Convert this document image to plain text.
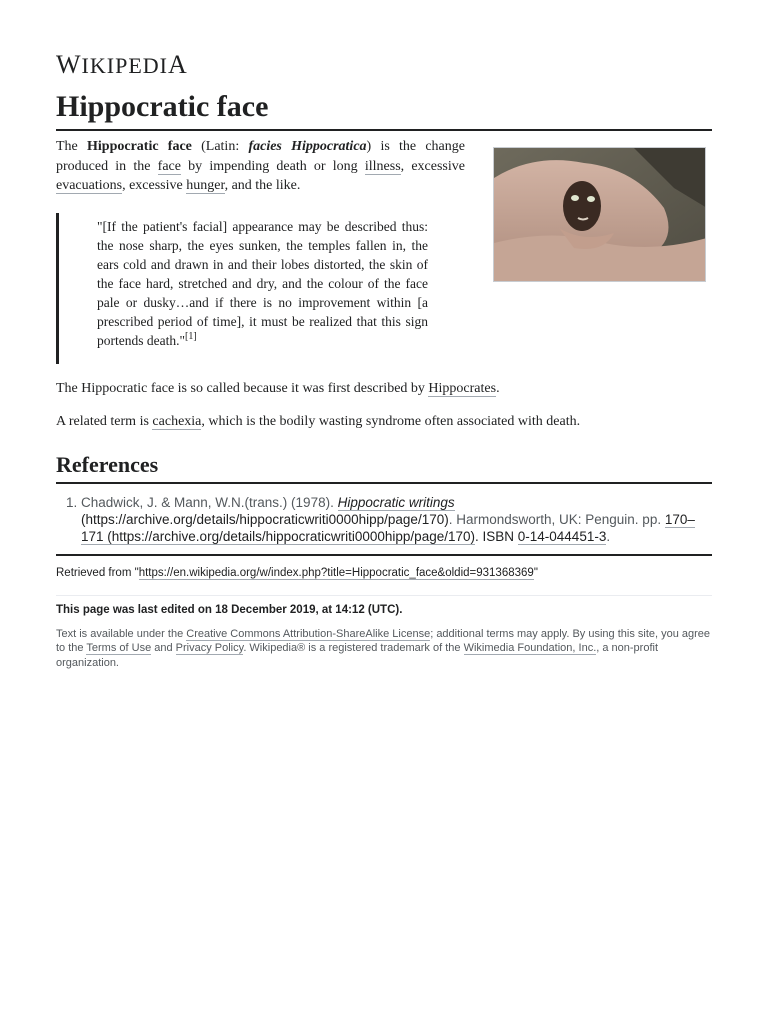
WIKIPEDIA
Hippocratic face

The Hippocratic face (Latin: facies Hippocratica) is the change produced in the face by impending death or long illness, excessive evacuations, excessive hunger, and the like.

"[If the patient's facial] appearance may be described thus: the nose sharp, the eyes sunken, the temples fallen in, the ears cold and drawn in and their lobes distorted, the skin of the face hard, stretched and dry, and the colour of the face pale or dusky…and if there is no improvement within [a prescribed period of time], it must be realized that this sign portends death."[1]

The Hippocratic face is so called because it was first described by Hippocrates.

A related term is cachexia, which is the bodily wasting syndrome often associated with death.

References
1. Chadwick, J. & Mann, W.N.(trans.) (1978). Hippocratic writings (https://archive.org/details/hippocraticwriti0000hipp/page/170). Harmondsworth, UK: Penguin. pp. 170–171 (https://archive.org/details/hippocraticwriti0000hipp/page/170). ISBN 0-14-044451-3.
Retrieved from "https://en.wikipedia.org/w/index.php?title=Hippocratic_face&oldid=931368369"
This page was last edited on 18 December 2019, at 14:12 (UTC).
Text is available under the Creative Commons Attribution-ShareAlike License; additional terms may apply. By using this site, you agree to the Terms of Use and Privacy Policy. Wikipedia® is a registered trademark of the Wikimedia Foundation, Inc., a non-profit organization.
